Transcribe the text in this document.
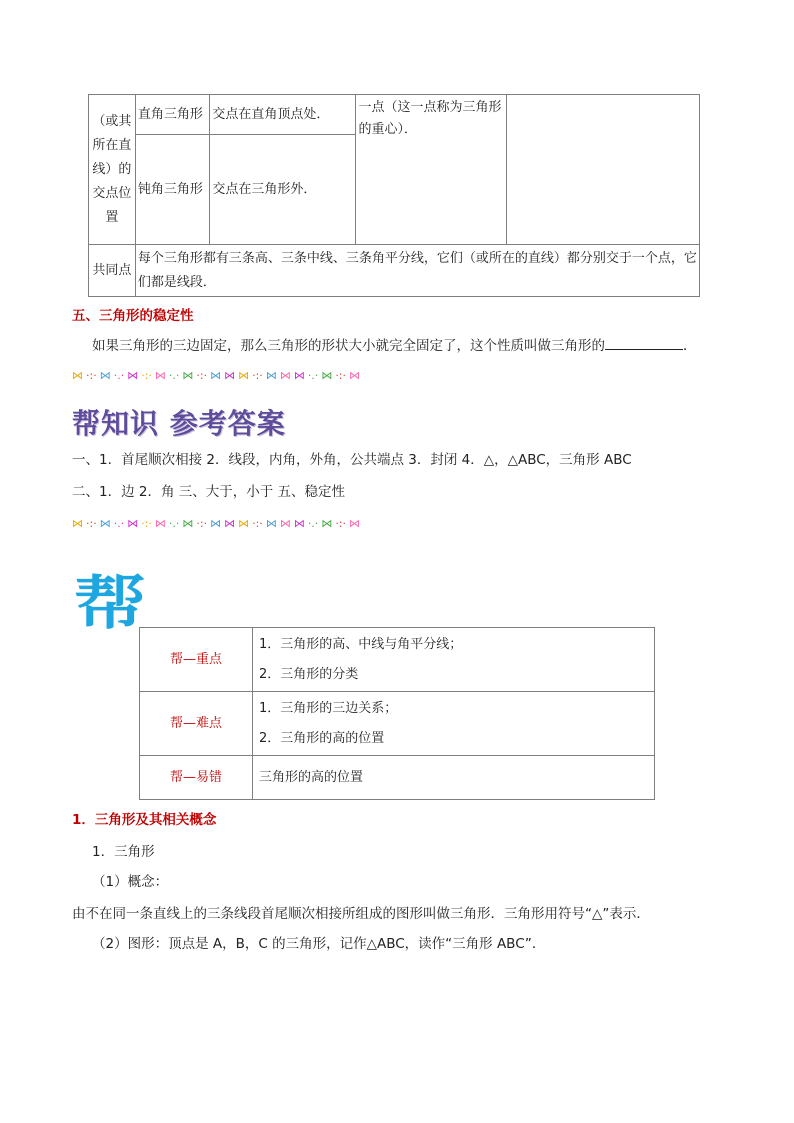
（或其所在直线）的交点位置	直角三角形	交点在直角顶点处．	一点（这一点称为三角形的重心）．	
	钝角三角形	交点在三角形外．		
共同点	每个三角形都有三条高、三条中线、三条角平分线，它们（或所在的直线）都分别交于一个点，它们都是线段．			
五、三角形的稳定性
如果三角形的三边固定，那么三角形的形状大小就完全固定了，这个性质叫做三角形的	．
⋈ ·:· ⋈ ·.· ⋈ ·:· ⋈ ·.· ⋈ ·:· ⋈ ⋈ ⋈ ·:· ⋈ ⋈ ⋈ ·.· ⋈ ·:· ⋈
帮知识 参考答案
一、1．首尾顺次相接 2．线段，内角，外角，公共端点 3．封闭 4．△，△ABC，三角形 ABC
二、1．边 2．角 三、大于，小于 五、稳定性
⋈ ·:· ⋈ ·.· ⋈ ·:· ⋈ ·.· ⋈ ·:· ⋈ ⋈ ⋈ ·:· ⋈ ⋈ ⋈ ·.· ⋈ ·:· ⋈
帮
帮—重点	1．三角形的高、中线与角平分线；
2．三角形的分类

帮—难点	1．三角形的三边关系；
2．三角形的高的位置

帮—易错	三角形的高的位置
1．三角形及其相关概念
1．三角形
（1）概念：
由不在同一条直线上的三条线段首尾顺次相接所组成的图形叫做三角形．三角形用符号“△”表示．
（2）图形：顶点是 A，B，C 的三角形，记作△ABC，读作“三角形 ABC”．
